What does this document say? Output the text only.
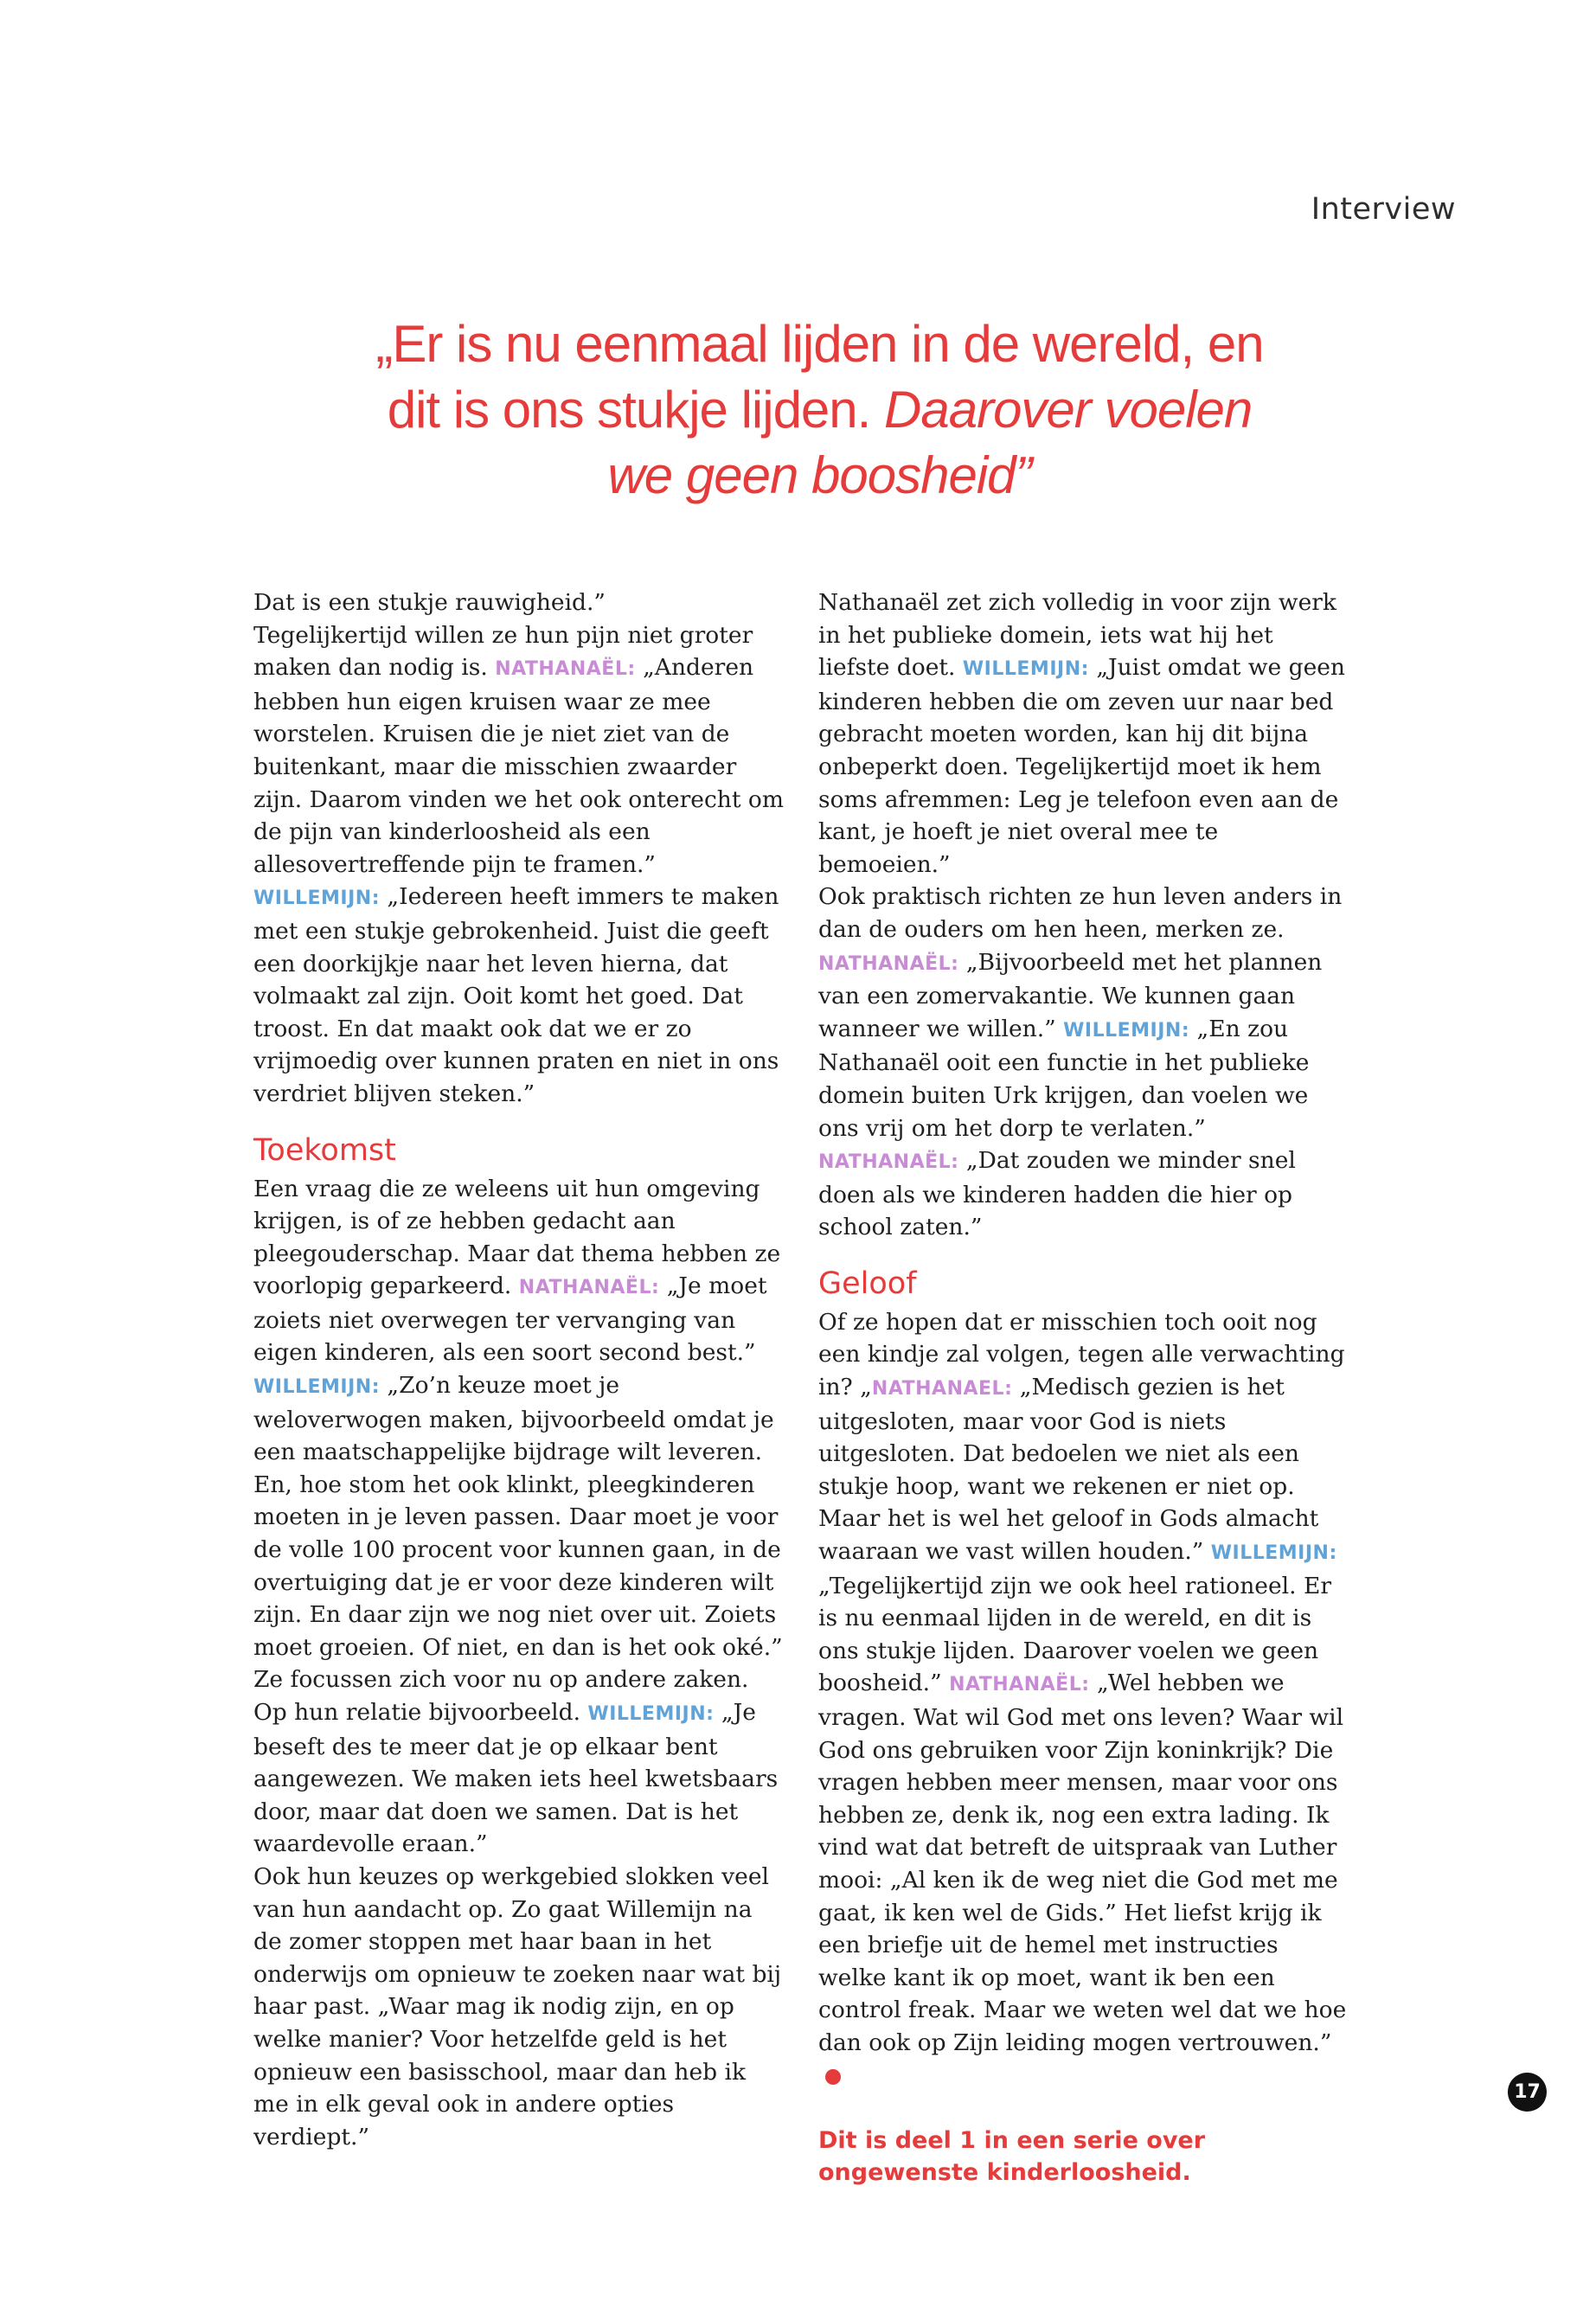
Interview
„Er is nu eenmaal lijden in de wereld, en
dit is ons stukje lijden. Daarover voelen
we geen boosheid”

Dat is een stukje rauwigheid.”

Tegelijkertijd willen ze hun pijn niet groter maken dan nodig is. NATHANAËL: „Anderen hebben hun eigen kruisen waar ze mee worstelen. Kruisen die je niet ziet van de buitenkant, maar die misschien zwaarder zijn. Daarom vinden we het ook onterecht om de pijn van kinderloosheid als een allesovertreffende pijn te framen.” WILLEMIJN: „Iedereen heeft immers te maken met een stukje gebrokenheid. Juist die geeft een doorkijkje naar het leven hierna, dat volmaakt zal zijn. Ooit komt het goed. Dat troost. En dat maakt ook dat we er zo vrijmoedig over kunnen praten en niet in ons verdriet blijven steken.”

Toekomst

Een vraag die ze weleens uit hun omgeving krijgen, is of ze hebben gedacht aan pleegouderschap. Maar dat thema hebben ze voorlopig geparkeerd. NATHANAËL: „Je moet zoiets niet overwegen ter vervanging van eigen kinderen, als een soort second best.” WILLEMIJN: „Zo’n keuze moet je weloverwogen maken, bijvoorbeeld omdat je een maatschappelijke bijdrage wilt leveren. En, hoe stom het ook klinkt, pleegkinderen moeten in je leven passen. Daar moet je voor de volle 100 procent voor kunnen gaan, in de overtuiging dat je er voor deze kinderen wilt zijn. En daar zijn we nog niet over uit. Zoiets moet groeien. Of niet, en dan is het ook oké.”

Ze focussen zich voor nu op andere zaken. Op hun relatie bijvoorbeeld. WILLEMIJN: „Je beseft des te meer dat je op elkaar bent aangewezen. We maken iets heel kwetsbaars door, maar dat doen we samen. Dat is het waardevolle eraan.”

Ook hun keuzes op werkgebied slokken veel van hun aandacht op. Zo gaat Willemijn na de zomer stoppen met haar baan in het onderwijs om opnieuw te zoeken naar wat bij haar past. „Waar mag ik nodig zijn, en op welke manier? Voor hetzelfde geld is het opnieuw een basisschool, maar dan heb ik me in elk geval ook in andere opties verdiept.”

Nathanaël zet zich volledig in voor zijn werk in het publieke domein, iets wat hij het liefste doet. WILLEMIJN: „Juist omdat we geen kinderen hebben die om zeven uur naar bed gebracht moeten worden, kan hij dit bijna onbeperkt doen. Tegelijkertijd moet ik hem soms afremmen: Leg je telefoon even aan de kant, je hoeft je niet overal mee te bemoeien.”

Ook praktisch richten ze hun leven anders in dan de ouders om hen heen, merken ze. NATHANAËL: „Bijvoorbeeld met het plannen van een zomervakantie. We kunnen gaan wanneer we willen.” WILLEMIJN: „En zou Nathanaël ooit een functie in het publieke domein buiten Urk krijgen, dan voelen we ons vrij om het dorp te verlaten.” NATHANAËL: „Dat zouden we minder snel doen als we kinderen hadden die hier op school zaten.”

Geloof

Of ze hopen dat er misschien toch ooit nog een kindje zal volgen, tegen alle verwachting in? „NATHANAEL: „Medisch gezien is het uitgesloten, maar voor God is niets uitgesloten. Dat bedoelen we niet als een stukje hoop, want we rekenen er niet op. Maar het is wel het geloof in Gods almacht waaraan we vast willen houden.” WILLEMIJN: „Tegelijkertijd zijn we ook heel rationeel. Er is nu eenmaal lijden in de wereld, en dit is ons stukje lijden. Daarover voelen we geen boosheid.” NATHANAËL: „Wel hebben we vragen. Wat wil God met ons leven? Waar wil God ons gebruiken voor Zijn koninkrijk? Die vragen hebben meer mensen, maar voor ons hebben ze, denk ik, nog een extra lading. Ik vind wat dat betreft de uitspraak van Luther mooi: „Al ken ik de weg niet die God met me gaat, ik ken wel de Gids.” Het liefst krijg ik een briefje uit de hemel met instructies welke kant ik op moet, want ik ben een control freak. Maar we weten wel dat we hoe dan ook op Zijn leiding mogen vertrouwen.”

Dit is deel 1 in een serie over ongewenste kinderloosheid.

17
